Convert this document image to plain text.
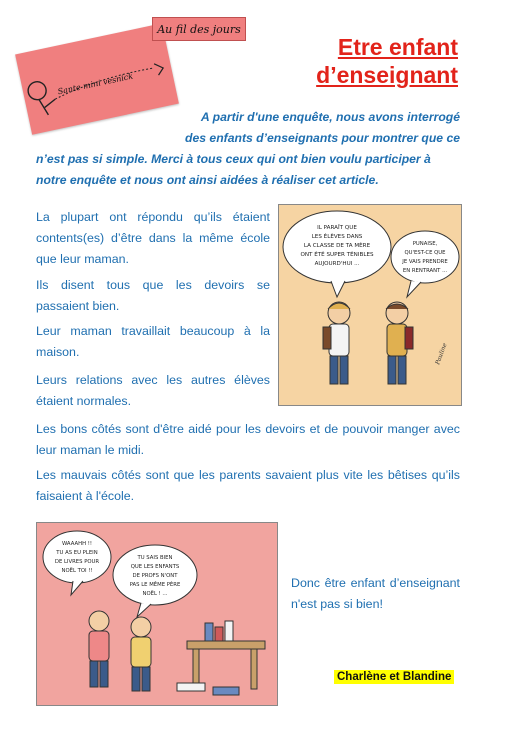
Sante mini vesnick
Au fil des jours
Etre enfant
d’enseignant
A partir d'une enquête, nous avons interrogé
des enfants d’enseignants pour montrer que ce
n’est pas si simple. Merci à tous ceux qui ont bien voulu participer à
notre enquête et nous ont ainsi aidées à réaliser cet article.
La plupart ont répondu qu’ils étaient contents(es) d’être dans la même école que leur maman.
Ils disent tous que les devoirs se passaient bien.
Leur maman travaillait beaucoup à la maison.
Leurs relations avec les autres élèves étaient normales.
Les bons côtés sont d'être aidé pour les devoirs et de pouvoir manger avec leur maman le midi.
Les mauvais côtés sont que les parents savaient plus vite les bêtises qu’ils faisaient à l'école.
IL PARAÎT QUE
LES ÉLÈVES DANS
LA CLASSE DE TA MÈRE
ONT ÉTÉ SUPER TÉNIBLES
AUJOURD'HUI ...
PUNAISE,
QU'EST-CE QUE
JE VAIS PRENDRE
EN RENTRANT ...
Pauline
WAAAHH !!
TU AS EU PLEIN
DE LIVRES POUR
NOËL TOI !!
TU SAIS BIEN
QUE LES ENFANTS
DE PROFS N'ONT
PAS LE MÊME PÈRE
NOËL ! ...
Donc être enfant d’enseignant n'est pas si bien!
Charlène et Blandine
